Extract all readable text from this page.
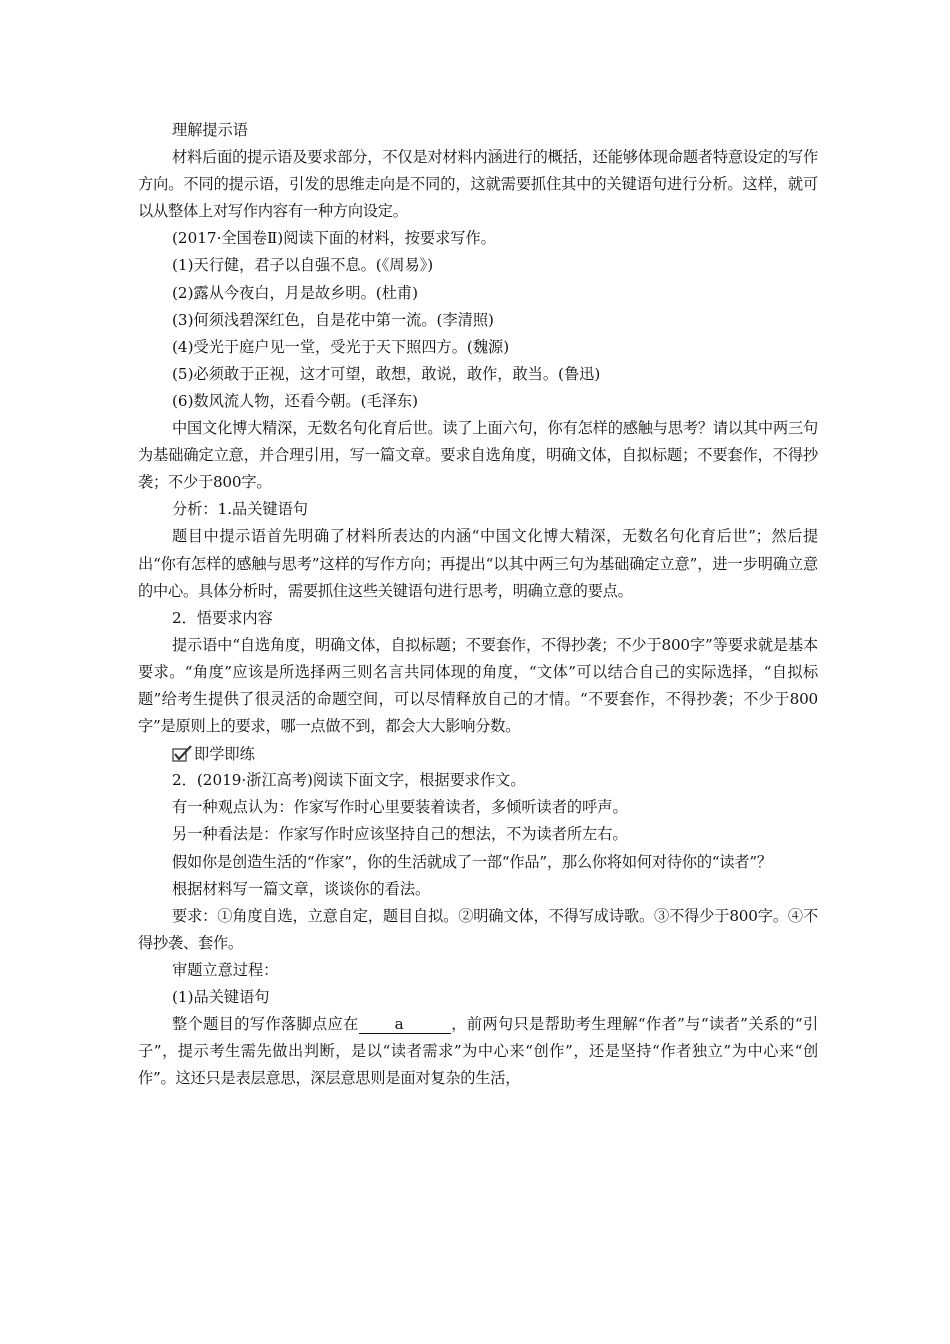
理解提示语

材料后面的提示语及要求部分，不仅是对材料内涵进行的概括，还能够体现命题者特意设定的写作方向。不同的提示语，引发的思维走向是不同的，这就需要抓住其中的关键语句进行分析。这样，就可以从整体上对写作内容有一种方向设定。

(2017·全国卷Ⅱ)阅读下面的材料，按要求写作。

(1)天行健，君子以自强不息。(《周易》)

(2)露从今夜白，月是故乡明。(杜甫)

(3)何须浅碧深红色，自是花中第一流。(李清照)

(4)受光于庭户见一堂，受光于天下照四方。(魏源)

(5)必须敢于正视，这才可望，敢想，敢说，敢作，敢当。(鲁迅)

(6)数风流人物，还看今朝。(毛泽东)

中国文化博大精深，无数名句化育后世。读了上面六句，你有怎样的感触与思考？请以其中两三句为基础确定立意，并合理引用，写一篇文章。要求自选角度，明确文体，自拟标题；不要套作，不得抄袭；不少于800字。

分析：1.品关键语句

题目中提示语首先明确了材料所表达的内涵“中国文化博大精深，无数名句化育后世”；然后提出“你有怎样的感触与思考”这样的写作方向；再提出“以其中两三句为基础确定立意”，进一步明确立意的中心。具体分析时，需要抓住这些关键语句进行思考，明确立意的要点。

2．悟要求内容

提示语中“自选角度，明确文体，自拟标题；不要套作，不得抄袭；不少于800字”等要求就是基本要求。“角度”应该是所选择两三则名言共同体现的角度，“文体”可以结合自己的实际选择，“自拟标题”给考生提供了很灵活的命题空间，可以尽情释放自己的才情。“不要套作，不得抄袭；不少于800字”是原则上的要求，哪一点做不到，都会大大影响分数。

即学即练

2．(2019·浙江高考)阅读下面文字，根据要求作文。

有一种观点认为：作家写作时心里要装着读者，多倾听读者的呼声。

另一种看法是：作家写作时应该坚持自己的想法，不为读者所左右。

假如你是创造生活的“作家”，你的生活就成了一部“作品”，那么你将如何对待你的“读者”？

根据材料写一篇文章，谈谈你的看法。

要求：①角度自选，立意自定，题目自拟。②明确文体，不得写成诗歌。③不得少于800字。④不得抄袭、套作。

审题立意过程：

(1)品关键语句

整个题目的写作落脚点应在 a	，前两句只是帮助考生理解“作者”与“读者”关系的“引子”，提示考生需先做出判断，是以“读者需求”为中心来“创作”，还是坚持“作者独立”为中心来“创作”。这还只是表层意思，深层意思则是面对复杂的生活，
